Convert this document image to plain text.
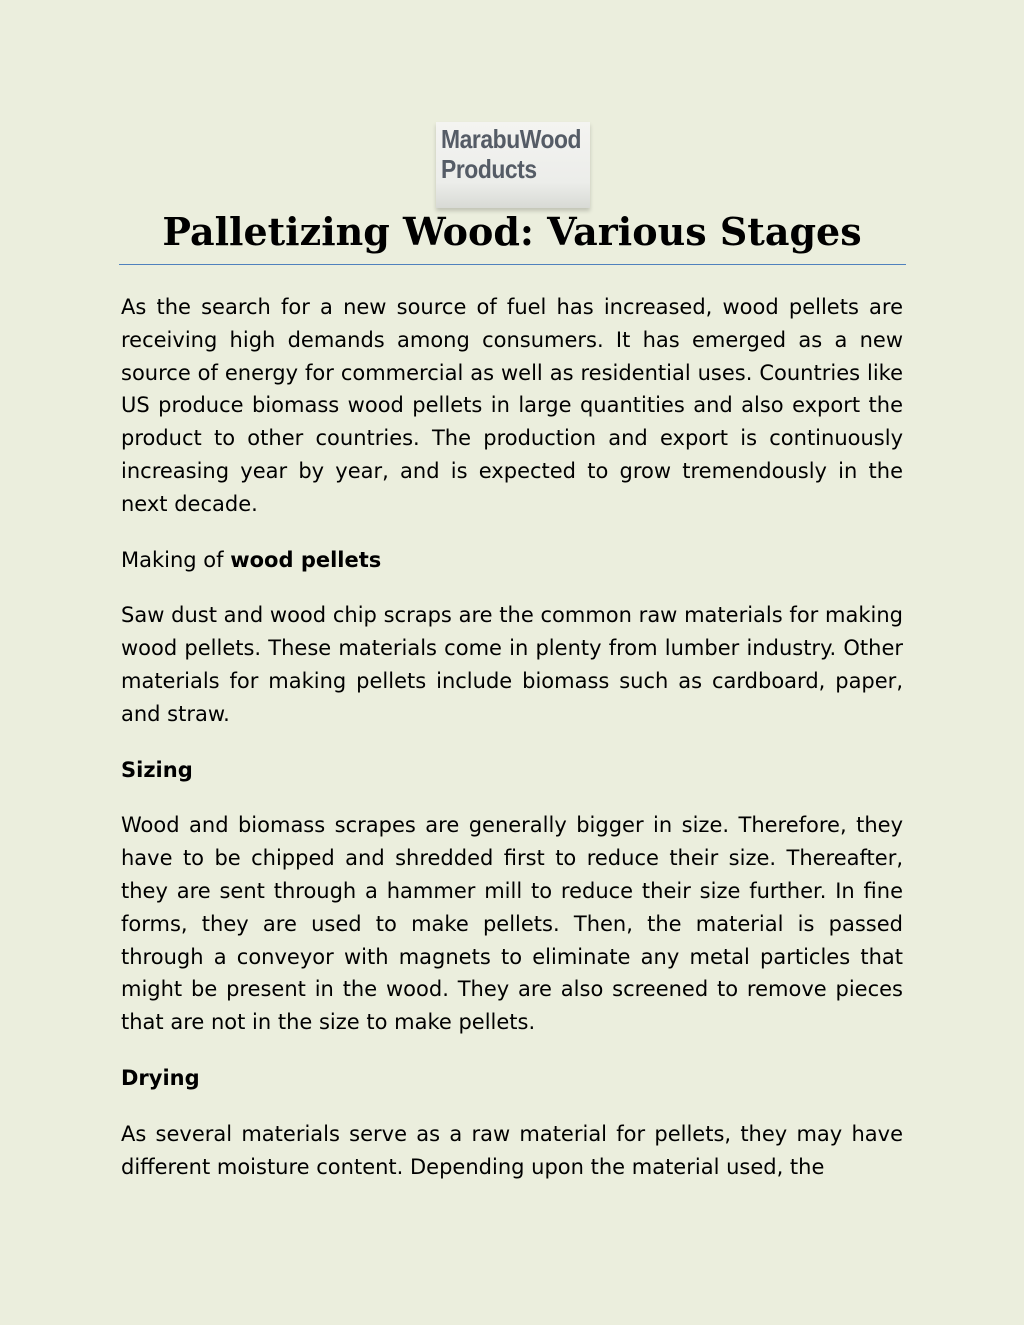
MarabuWood
Products
Palletizing Wood: Various Stages

As the search for a new source of fuel has increased, wood pellets are receiving high demands among consumers. It has emerged as a new source of energy for commercial as well as residential uses. Countries like US produce biomass wood pellets in large quantities and also export the product to other countries. The production and export is continuously increasing year by year, and is expected to grow tremendously in the next decade.

Making of wood pellets

Saw dust and wood chip scraps are the common raw materials for making wood pellets. These materials come in plenty from lumber industry. Other materials for making pellets include biomass such as cardboard, paper, and straw.

Sizing

Wood and biomass scrapes are generally bigger in size. Therefore, they have to be chipped and shredded first to reduce their size. Thereafter, they are sent through a hammer mill to reduce their size further. In fine forms, they are used to make pellets. Then, the material is passed through a conveyor with magnets to eliminate any metal particles that might be present in the wood. They are also screened to remove pieces that are not in the size to make pellets.

Drying

As several materials serve as a raw material for pellets, they may have different moisture content. Depending upon the material used, the
